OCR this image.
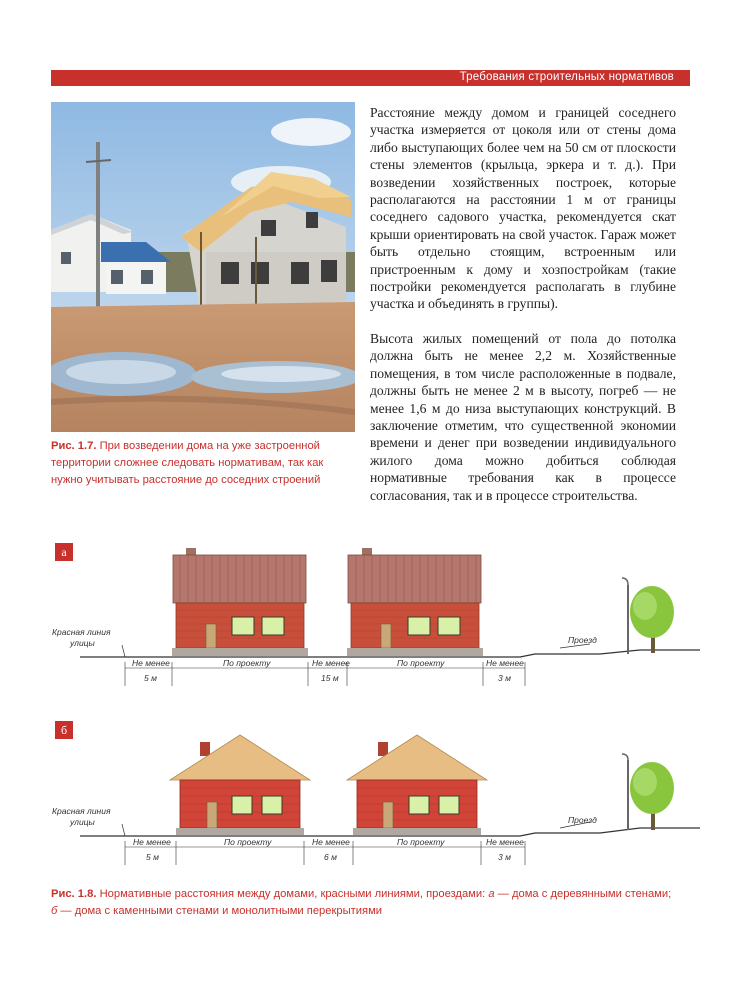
Требования строительных нормативов
Рис. 1.7. При возведении дома на уже застроенной территории сложнее следовать нормативам, так как нужно учитывать расстояние до соседних строений

Расстояние между домом и границей соседнего участка измеряется от цоколя или от стены дома либо выступающих более чем на 50 см от плоскости стены элементов (крыльца, эркера и т. д.). При возведении хозяйственных построек, которые располагаются на расстоянии 1 м от границы соседнего садового участка, рекомендуется скат крыши ориентировать на свой участок. Гараж может быть отдельно стоящим, встроенным или пристроенным к дому и хозпостройкам (такие постройки рекомендуется располагать в глубине участка и объединять в группы).

Высота жилых помещений от пола до потолка должна быть не менее 2,2 м. Хозяйственные помещения, в том числе расположенные в подвале, должны быть не менее 2 м в высоту, погреб — не менее 1,6 м до низа выступающих конструкций. В заключение отметим, что существенной экономии времени и денег при возведении индивидуального жилого дома можно добиться соблюдая нормативные требования как в процессе согласования, так и в процессе строительства.

а
Красная линия
улицы	Проезд
Не менее
5 м
По проекту	Не менее
15 м
По проекту	Не менее
3 м
б
Красная линия
улицы	Проезд
Не менее
5 м
По проекту	Не менее
6 м
По проекту	Не менее
3 м
Рис. 1.8. Нормативные расстояния между домами, красными линиями, проездами: а — дома с деревянными стенами;
б — дома с каменными стенами и монолитными перекрытиями
